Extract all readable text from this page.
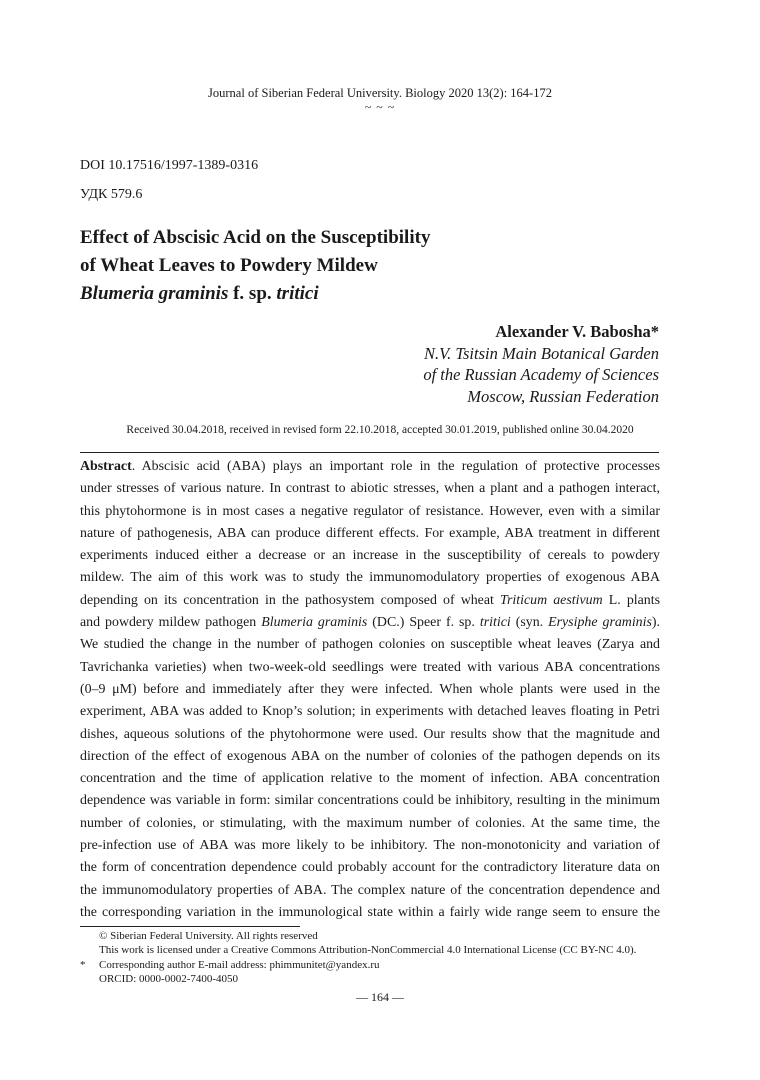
Journal of Siberian Federal University. Biology 2020 13(2): 164-172
~ ~ ~
DOI 10.17516/1997-1389-0316
УДК 579.6
Effect of Abscisic Acid on the Susceptibility
of Wheat Leaves to Powdery Mildew
Blumeria graminis f. sp. tritici
Alexander V. Babosha*
N.V. Tsitsin Main Botanical Garden
of the Russian Academy of Sciences
Moscow, Russian Federation
Received 30.04.2018, received in revised form 22.10.2018, accepted 30.01.2019, published online 30.04.2020
Abstract. Abscisic acid (ABA) plays an important role in the regulation of protective processes
under stresses of various nature. In contrast to abiotic stresses, when a plant and a pathogen interact,
this phytohormone is in most cases a negative regulator of resistance. However, even with a similar
nature of pathogenesis, ABA can produce different effects. For example, ABA treatment in different
experiments induced either a decrease or an increase in the susceptibility of cereals to powdery
mildew. The aim of this work was to study the immunomodulatory properties of exogenous ABA
depending on its concentration in the pathosystem composed of wheat Triticum aestivum L. plants
and powdery mildew pathogen Blumeria graminis (DC.) Speer f. sp. tritici (syn. Erysiphe graminis).
We studied the change in the number of pathogen colonies on susceptible wheat leaves (Zarya and
Tavrichanka varieties) when two-week-old seedlings were treated with various ABA concentrations
(0–9 μM) before and immediately after they were infected. When whole plants were used in the
experiment, ABA was added to Knop’s solution; in experiments with detached leaves floating in Petri
dishes, aqueous solutions of the phytohormone were used. Our results show that the magnitude and
direction of the effect of exogenous ABA on the number of colonies of the pathogen depends on its
concentration and the time of application relative to the moment of infection. ABA concentration
dependence was variable in form: similar concentrations could be inhibitory, resulting in the minimum
number of colonies, or stimulating, with the maximum number of colonies. At the same time, the
pre-infection use of ABA was more likely to be inhibitory. The non-monotonicity and variation of
the form of concentration dependence could probably account for the contradictory literature data on
the immunomodulatory properties of ABA. The complex nature of the concentration dependence and
the corresponding variation in the immunological state within a fairly wide range seem to ensure the
© Siberian Federal University. All rights reserved
This work is licensed under a Creative Commons Attribution-NonCommercial 4.0 International License (CC BY-NC 4.0).
* Corresponding author E-mail address: phimmunitet@yandex.ru
ORCID: 0000-0002-7400-4050
— 164 —
